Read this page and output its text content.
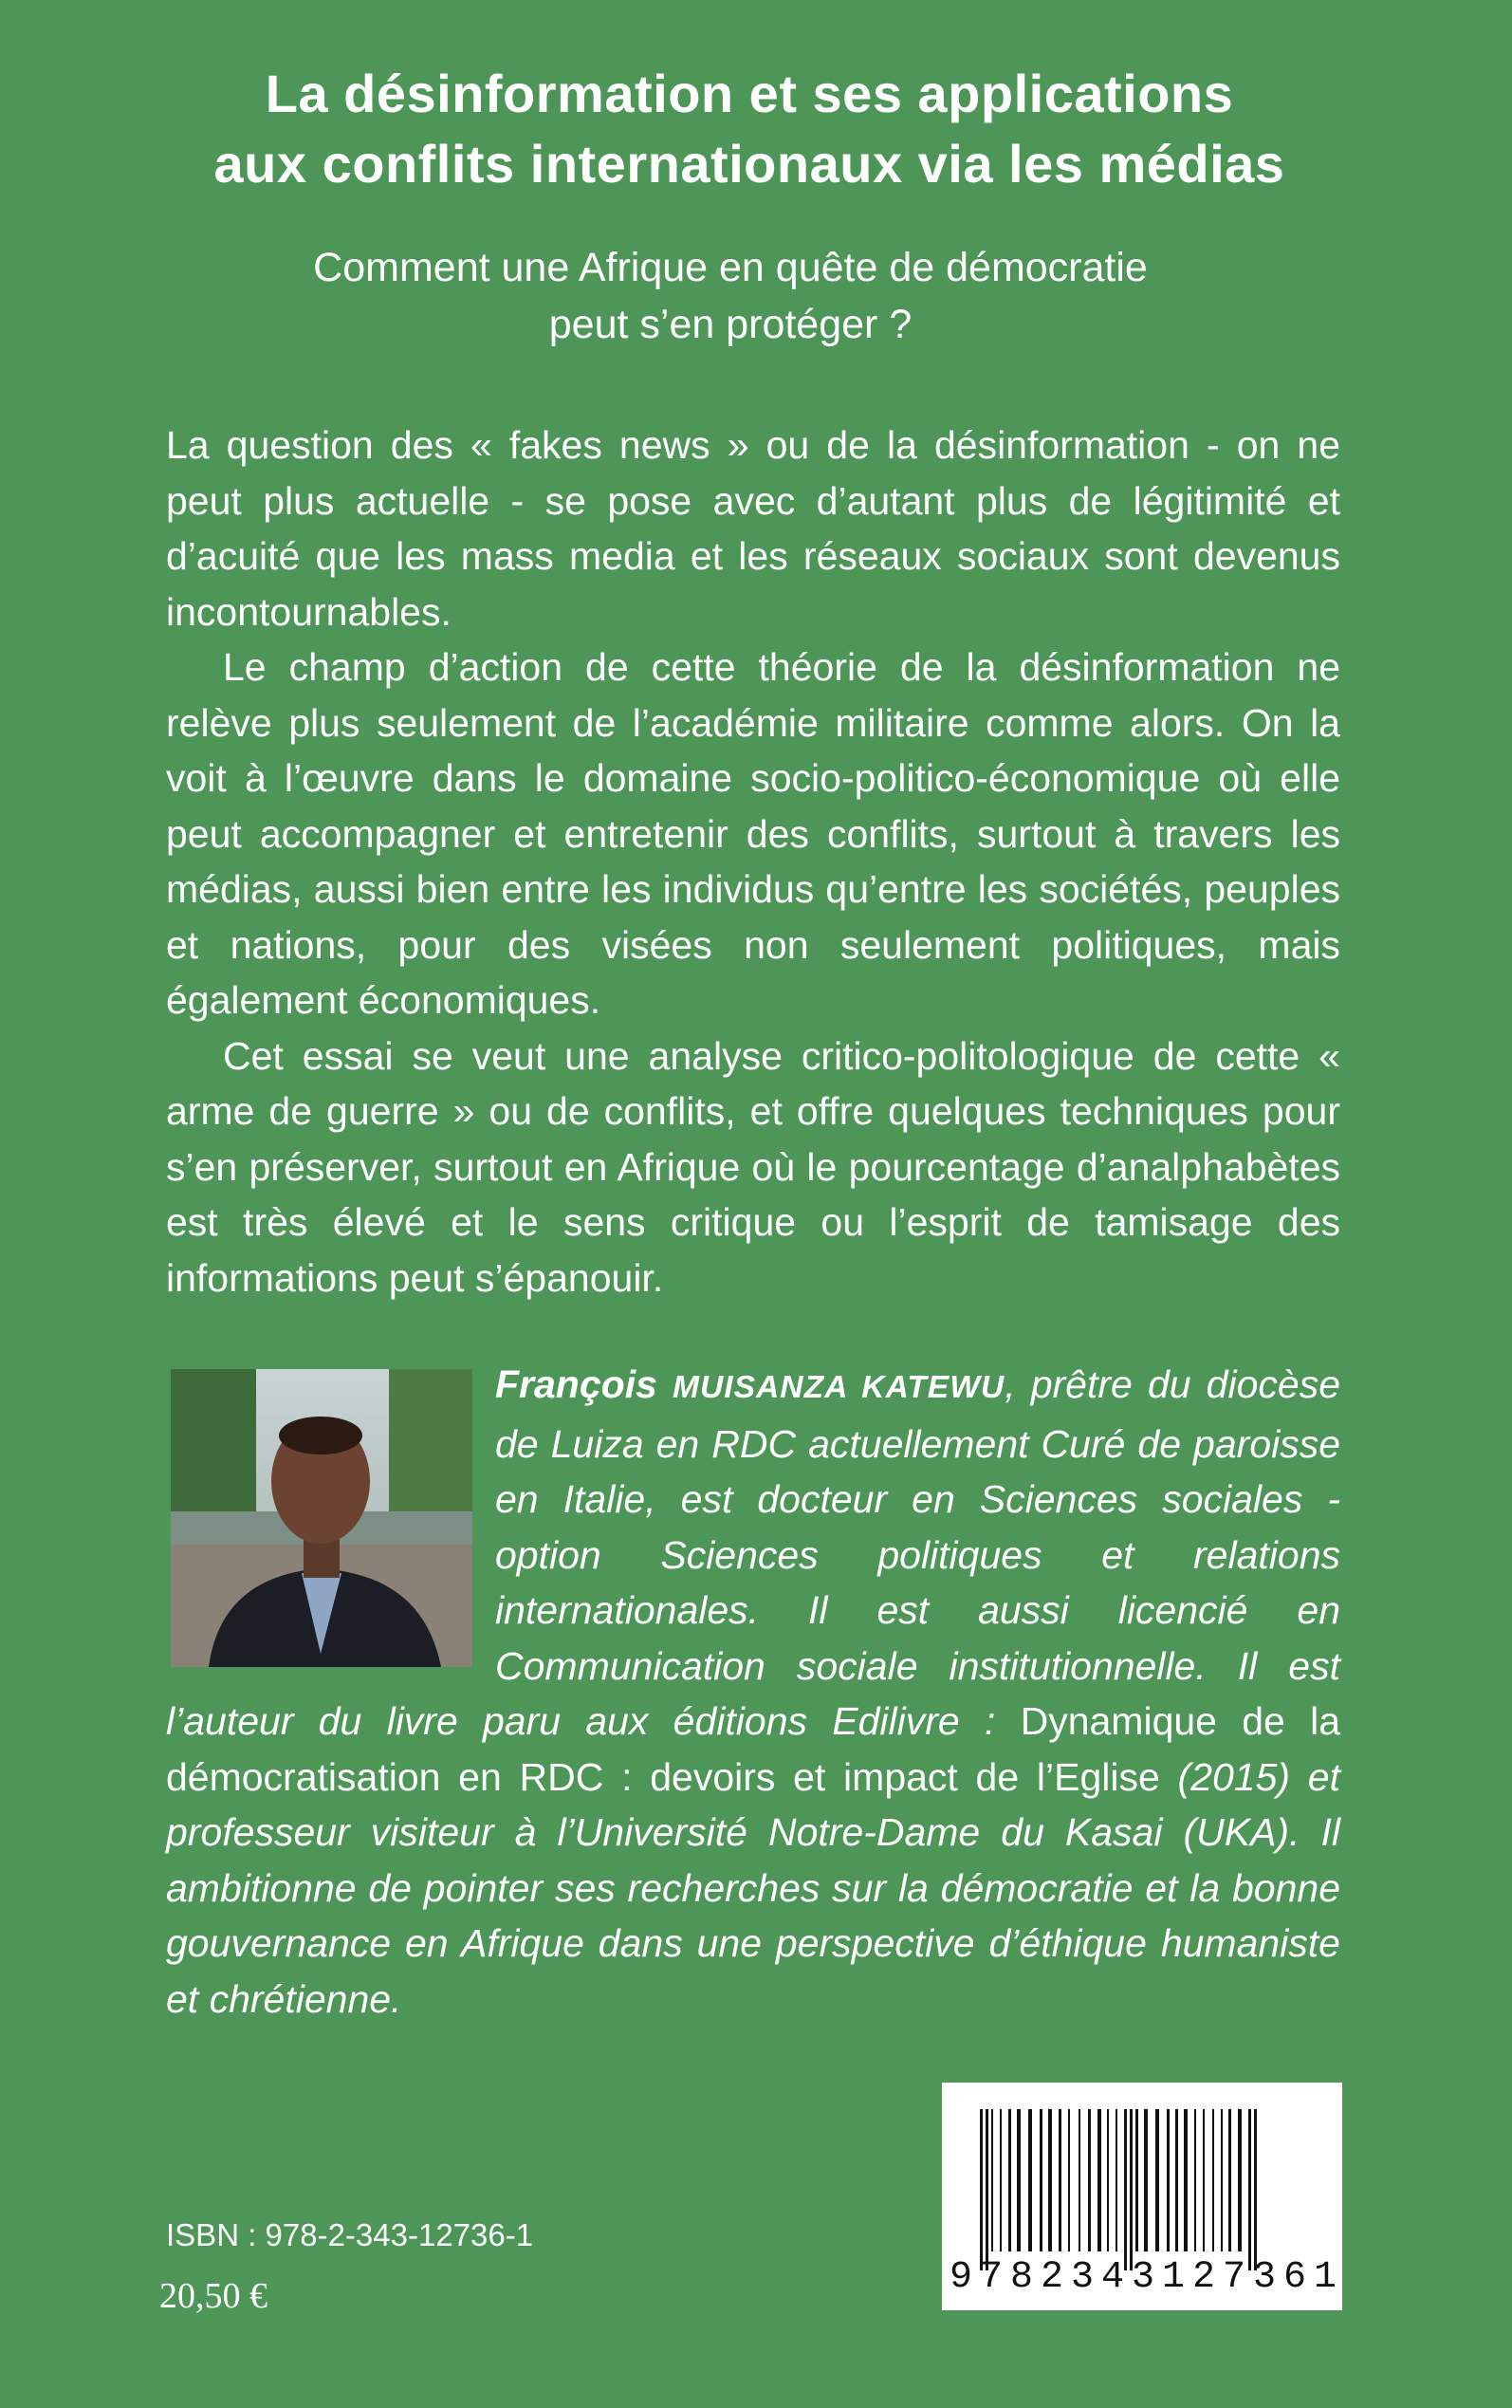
La désinformation et ses applications
aux conflits internationaux via les médias
Comment une Afrique en quête de démocratie
peut s’en protéger ?

La question des « fakes news » ou de la désinformation - on ne peut plus actuelle - se pose avec d’autant plus de légitimité et d’acuité que les mass media et les réseaux sociaux sont devenus incontournables.

Le champ d’action de cette théorie de la désinformation ne relève plus seulement de l’académie militaire comme alors. On la voit à l’œuvre dans le domaine socio-politico-économique où elle peut accompagner et entretenir des conflits, surtout à travers les médias, aussi bien entre les individus qu’entre les sociétés, peuples et nations, pour des visées non seulement politiques, mais également économiques.

Cet essai se veut une analyse critico-politologique de cette « arme de guerre » ou de conflits, et offre quelques techniques pour s’en préserver, surtout en Afrique où le pourcentage d’analphabètes est très élevé et le sens critique ou l’esprit de tamisage des informations peut s’épanouir.

François MUISANZA KATEWU, prêtre du diocèse de Luiza en RDC actuellement Curé de paroisse en Italie, est docteur en Sciences sociales - option Sciences politiques et relations internationales. Il est aussi licencié en Communication sociale institutionnelle. Il est l’auteur du livre paru aux éditions Edilivre : Dynamique de la démocratisation en RDC : devoirs et impact de l’Eglise (2015) et professeur visiteur à l’Université Notre-Dame du Kasai (UKA). Il ambitionne de pointer ses recherches sur la démocratie et la bonne gouvernance en Afrique dans une perspective d’éthique humaniste et chrétienne.
ISBN : 978-2-343-12736-1
20,50 €	9782343127361
